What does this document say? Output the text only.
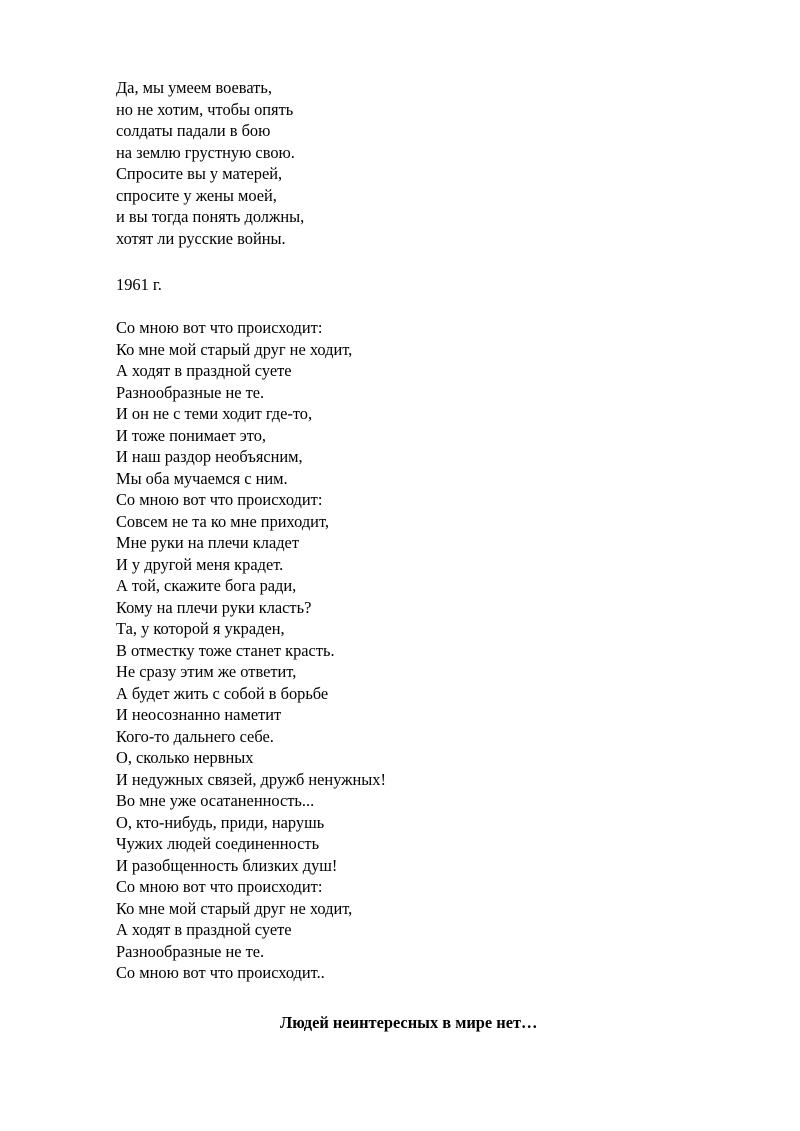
Да, мы умеем воевать,
но не хотим, чтобы опять
солдаты падали в бою
на землю грустную свою.
Спросите вы у матерей,
спросите у жены моей,
и вы тогда понять должны,
хотят ли русские войны.
1961 г.
Со мною вот что происходит:
Ко мне мой старый друг не ходит,
А ходят в праздной суете
Разнообразные не те.
И он не с теми ходит где-то,
И тоже понимает это,
И наш раздор необъясним,
Мы оба мучаемся с ним.
Со мною вот что происходит:
Совсем не та ко мне приходит,
Мне руки на плечи кладет
И у другой меня крадет.
А той, скажите бога ради,
Кому на плечи руки класть?
Та, у которой я украден,
В отместку тоже станет красть.
Не сразу этим же ответит,
А будет жить с собой в борьбе
И неосознанно наметит
Кого-то дальнего себе.
О, сколько нервных
И недужных связей, дружб ненужных!
Во мне уже осатаненность...
О, кто-нибудь, приди, нарушь
Чужих людей соединенность
И разобщенность близких душ!
Со мною вот что происходит:
Ко мне мой старый друг не ходит,
А ходят в праздной суете
Разнообразные не те.
Со мною вот что происходит..
Людей неинтересных в мире нет…
